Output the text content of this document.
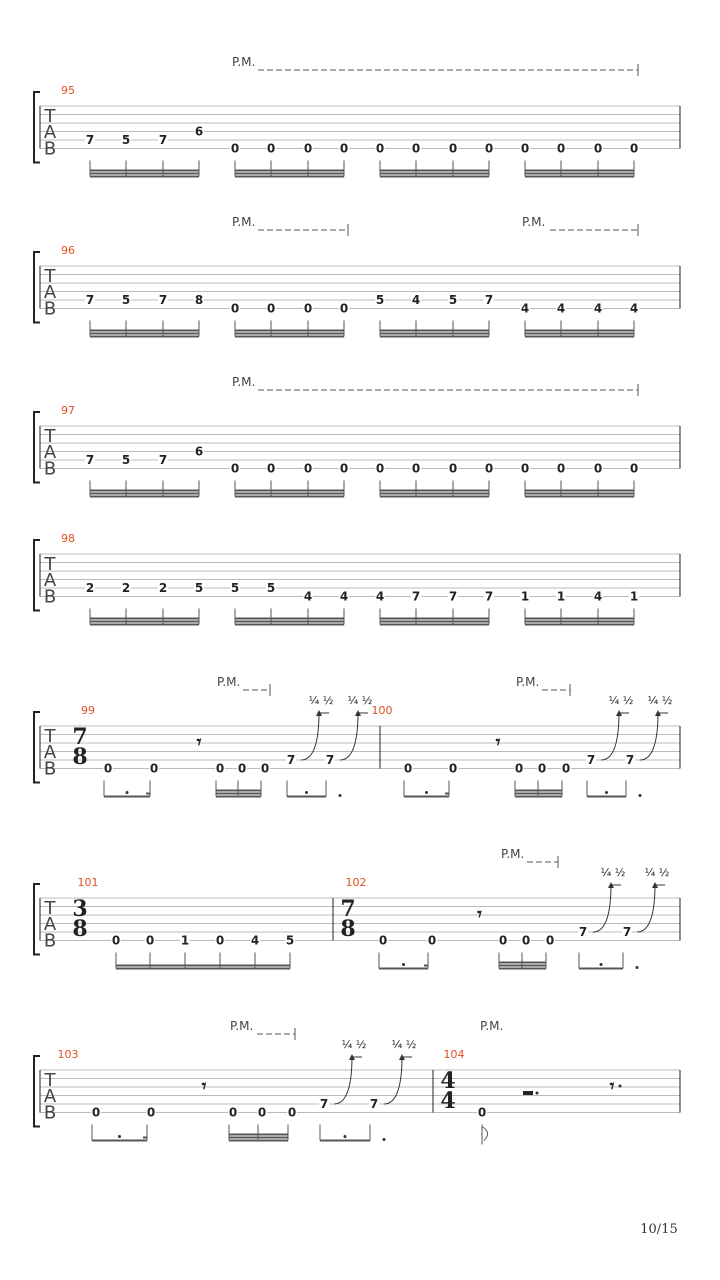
T
A
B
P.M.
95
7 5 7
6
0 0 0 0 0 0 0 0 0 0 0 0
T
A
B
P.M.	P.M.
96
7 5 7 8
0 0 0 0
5 4 5 7
4 4 4 4
T
A
B
P.M.
97
7 5 7
6
0 0 0 0 0 0 0 0 0 0 0 0
T
A
B
98
2 2 2 5 5 5
4 4 4 7 7 7 1 1 4 1
T
A
B
P.M.	P.M.
99
7
8 0	0	0 0 0
7	7
𝄾
¼ ½ ¼ ½
100
0	0	0 0 0
7	7
𝄾
¼ ½ ¼ ½
T
A
B
P.M.
101
3
8 0 0 1 0 4 5
102
7
8 0	0	0 0 0
7	7
𝄾
¼ ½ ¼ ½
T
A
B
P.M.	P.M.
103
0	0	0 0 0
7	7
𝄾
¼ ½ ¼ ½
104
4
4 0
𝄾
10/15
